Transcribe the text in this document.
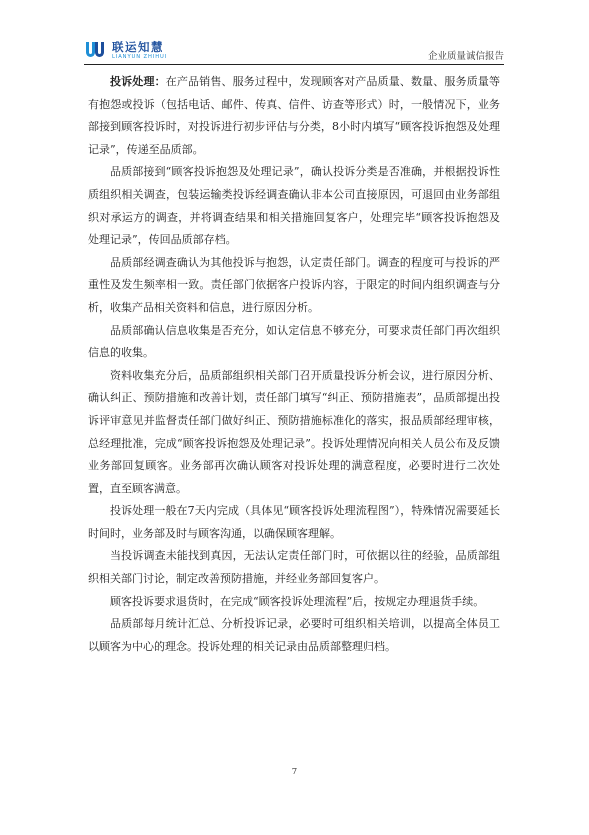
联运知慧
LIANYUN ZHIHUI	企业质量诚信报告

投诉处理：在产品销售、服务过程中，发现顾客对产品质量、数量、服务质量等有抱怨或投诉（包括电话、邮件、传真、信件、访查等形式）时，一般情况下，业务部接到顾客投诉时，对投诉进行初步评估与分类，8小时内填写“顾客投诉抱怨及处理记录”，传递至品质部。

品质部接到“顾客投诉抱怨及处理记录”，确认投诉分类是否准确，并根据投诉性质组织相关调查，包装运输类投诉经调查确认非本公司直接原因，可退回由业务部组织对承运方的调查，并将调查结果和相关措施回复客户，处理完毕“顾客投诉抱怨及处理记录”，传回品质部存档。

品质部经调查确认为其他投诉与抱怨，认定责任部门。调查的程度可与投诉的严重性及发生频率相一致。责任部门依据客户投诉内容，于限定的时间内组织调查与分析，收集产品相关资料和信息，进行原因分析。

品质部确认信息收集是否充分，如认定信息不够充分，可要求责任部门再次组织信息的收集。

资料收集充分后，品质部组织相关部门召开质量投诉分析会议，进行原因分析、确认纠正、预防措施和改善计划，责任部门填写“纠正、预防措施表”，品质部提出投诉评审意见并监督责任部门做好纠正、预防措施标准化的落实，报品质部经理审核，总经理批准，完成“顾客投诉抱怨及处理记录”。投诉处理情况向相关人员公布及反馈业务部回复顾客。业务部再次确认顾客对投诉处理的满意程度，必要时进行二次处置，直至顾客满意。

投诉处理一般在7天内完成（具体见“顾客投诉处理流程图”），特殊情况需要延长时间时，业务部及时与顾客沟通，以确保顾客理解。

当投诉调查未能找到真因，无法认定责任部门时，可依据以往的经验，品质部组织相关部门讨论，制定改善预防措施，并经业务部回复客户。

顾客投诉要求退货时，在完成“顾客投诉处理流程”后，按规定办理退货手续。

品质部每月统计汇总、分析投诉记录，必要时可组织相关培训，以提高全体员工以顾客为中心的理念。投诉处理的相关记录由品质部整理归档。

7
